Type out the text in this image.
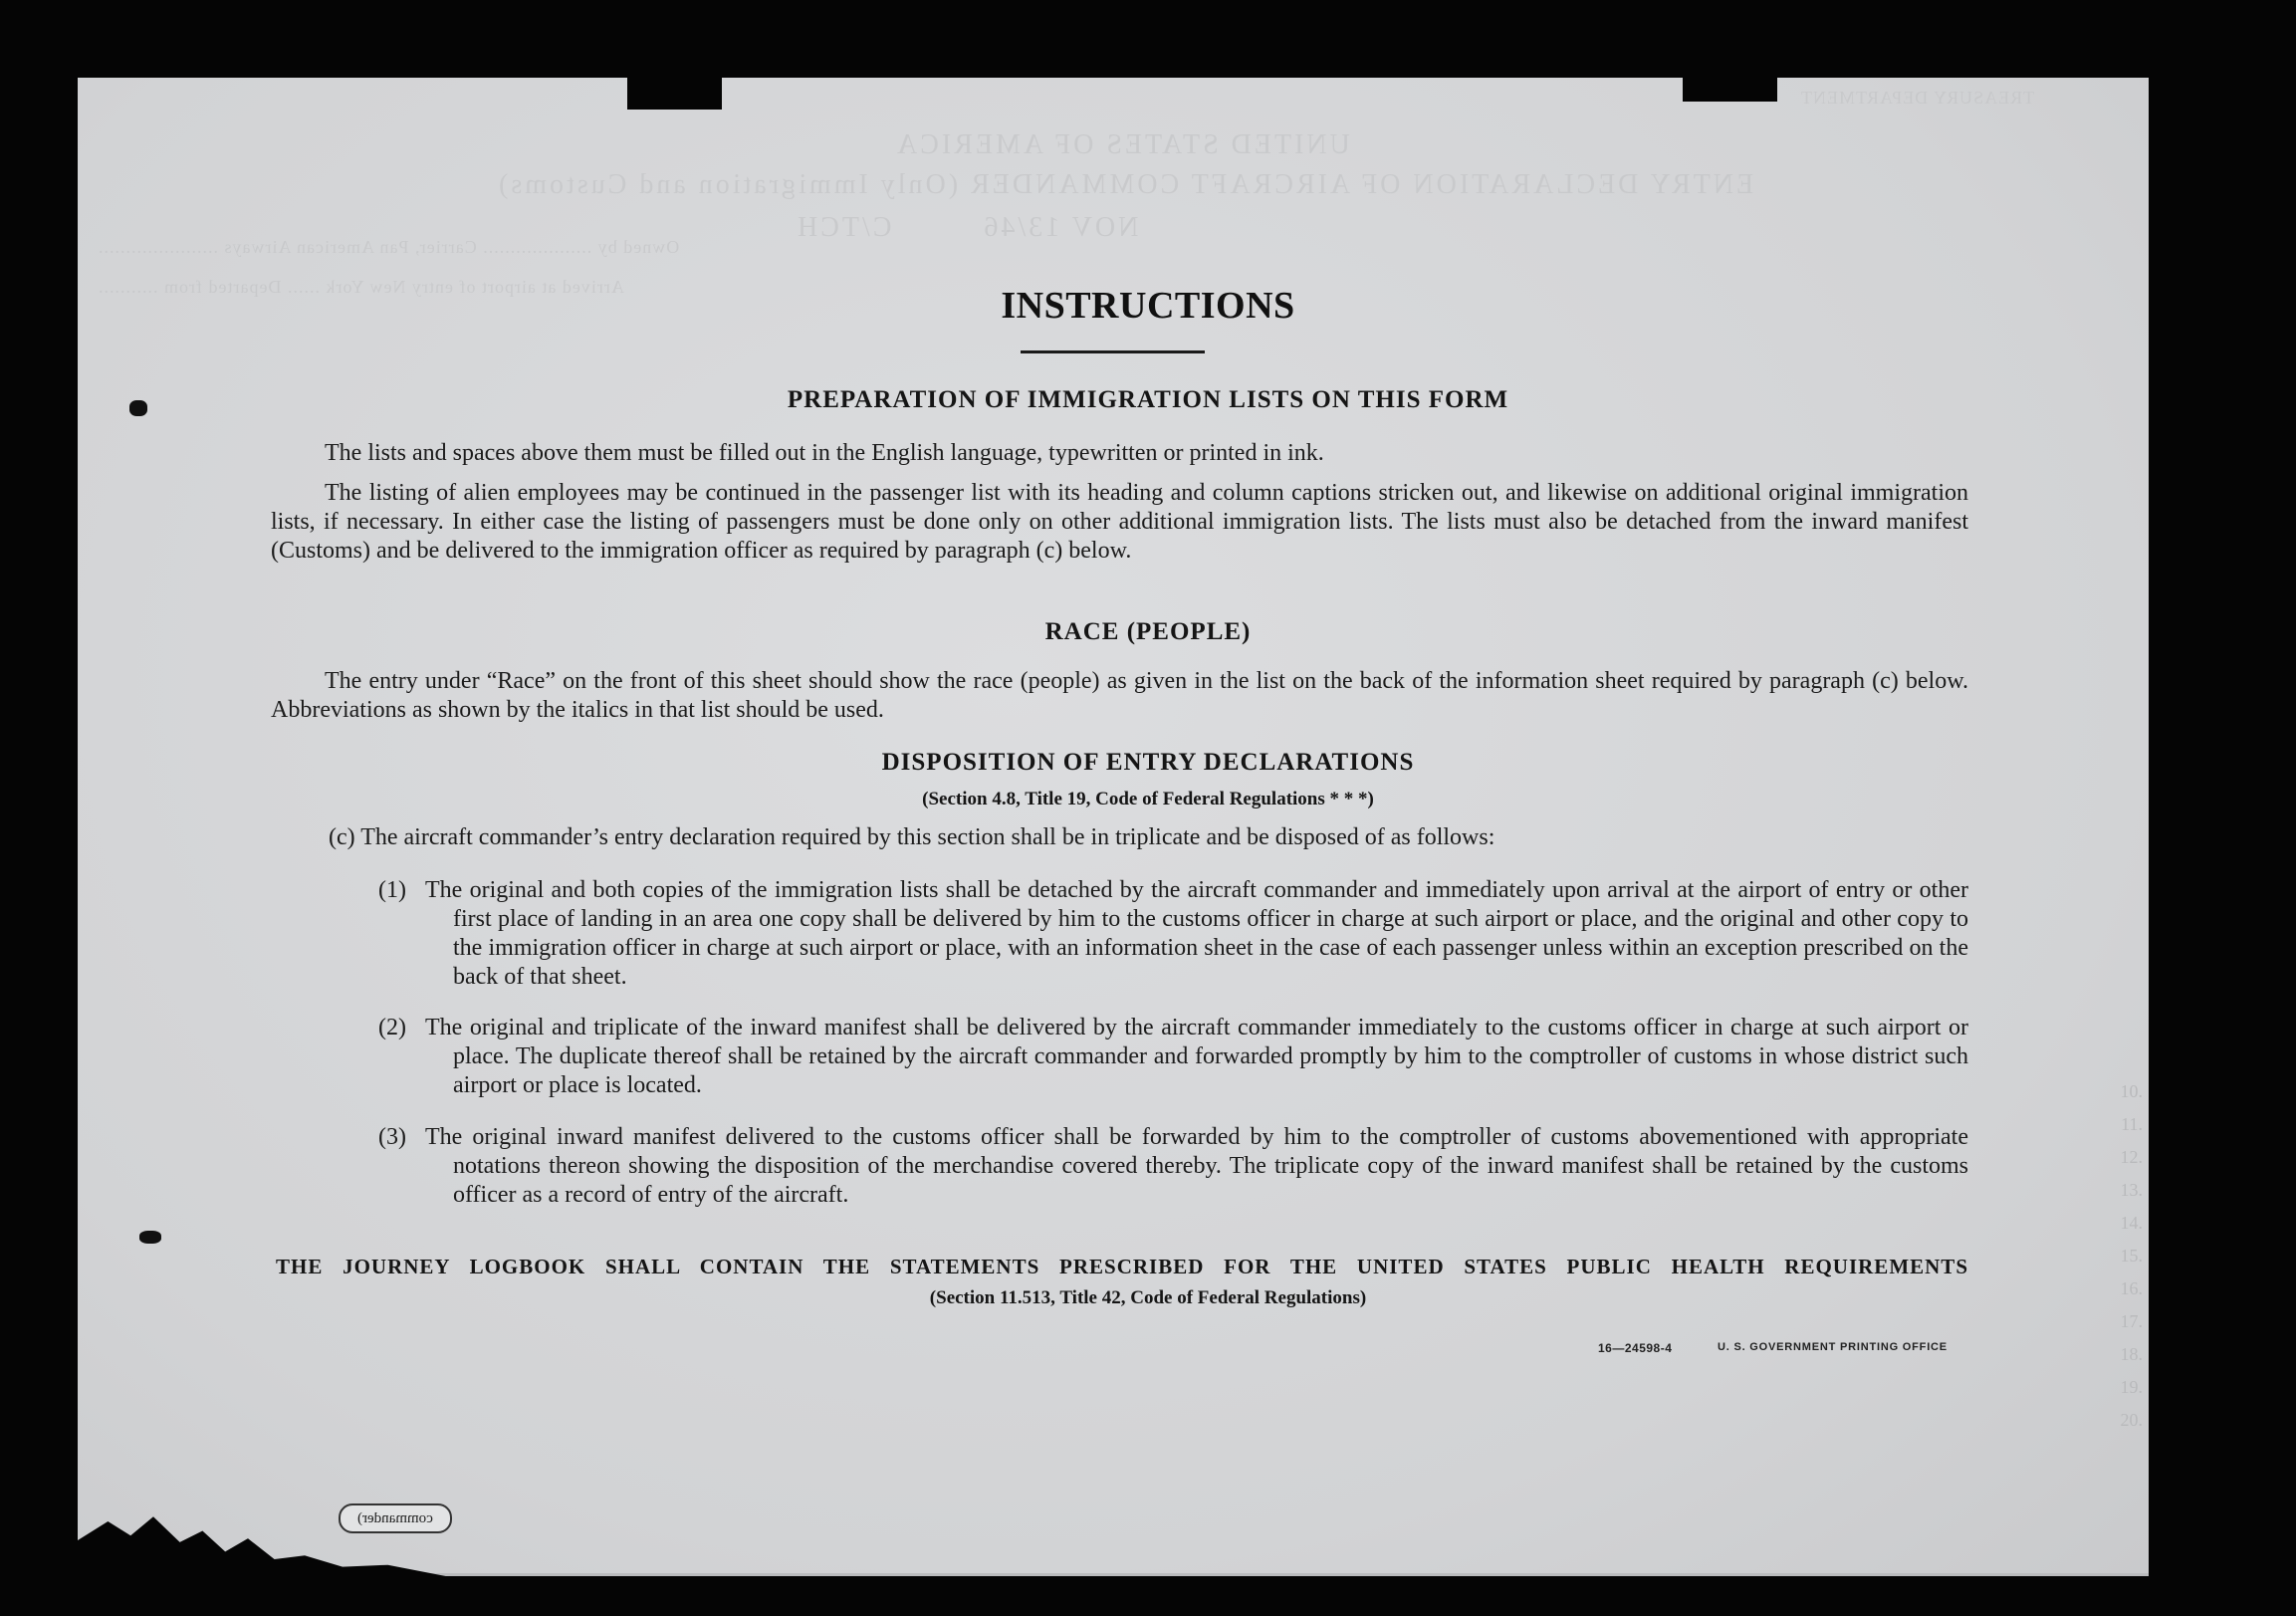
UNITED STATES OF AMERICA
ENTRY DECLARATION OF AIRCRAFT COMMANDER (Only Immigration and Customs)
NOV 13/46         C/TCH
Owned by .................... Carrier, Pan American Airways ......................
Arrived at airport of entry New York ...... Departed from ...........
TREASURY DEPARTMENT
commander)
10.
11.
12.
13.
14.
15.
16.
17.
18.
19.
20.
INSTRUCTIONS
PREPARATION OF IMMIGRATION LISTS ON THIS FORM
The lists and spaces above them must be filled out in the English language, typewritten or printed in ink.
The listing of alien employees may be continued in the passenger list with its heading and column captions stricken out, and likewise on additional original immigration lists, if necessary. In either case the listing of passengers must be done only on other additional immigration lists. The lists must also be detached from the inward manifest (Customs) and be delivered to the immigration officer as required by paragraph (c) below.
RACE (PEOPLE)
The entry under “Race” on the front of this sheet should show the race (people) as given in the list on the back of the information sheet required by paragraph (c) below. Abbreviations as shown by the italics in that list should be used.
DISPOSITION OF ENTRY DECLARATIONS
(Section 4.8, Title 19, Code of Federal Regulations * * *)
(c) The aircraft commander’s entry declaration required by this section shall be in triplicate and be disposed of as follows:
(1) The original and both copies of the immigration lists shall be detached by the aircraft commander and immediately upon arrival at the airport of entry or other first place of landing in an area one copy shall be delivered by him to the customs officer in charge at such airport or place, and the original and other copy to the immigration officer in charge at such airport or place, with an information sheet in the case of each passenger unless within an exception prescribed on the back of that sheet.
(2) The original and triplicate of the inward manifest shall be delivered by the aircraft commander immediately to the customs officer in charge at such airport or place. The duplicate thereof shall be retained by the aircraft commander and forwarded promptly by him to the comptroller of customs in whose district such airport or place is located.
(3) The original inward manifest delivered to the customs officer shall be forwarded by him to the comptroller of customs abovementioned with appropriate notations thereon showing the disposition of the merchandise covered thereby. The triplicate copy of the inward manifest shall be retained by the customs officer as a record of entry of the aircraft.
THE JOURNEY LOGBOOK SHALL CONTAIN THE STATEMENTS PRESCRIBED FOR THE UNITED STATES PUBLIC HEALTH REQUIREMENTS
(Section 11.513, Title 42, Code of Federal Regulations)
16—24598‑4	U. S. GOVERNMENT PRINTING OFFICE
